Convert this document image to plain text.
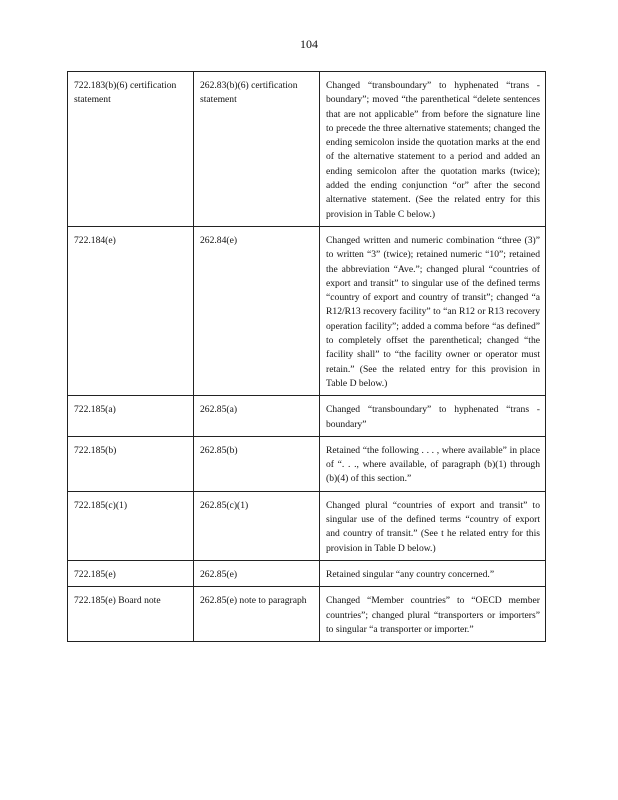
104
722.183(b)(6) certification statement	262.83(b)(6) certification statement	Changed “transboundary” to hyphenated “trans - boundary”; moved “the parenthetical “delete sentences that are not applicable” from before the signature line to precede the three alternative statements; changed the ending semicolon inside the quotation marks at the end of the alternative statement to a period and added an ending semicolon after the quotation marks (twice); added the ending conjunction “or” after the second alternative statement. (See the related entry for this provision in Table C below.)
722.184(e)	262.84(e)	Changed written and numeric combination “three (3)” to written “3” (twice); retained numeric “10”; retained the abbreviation “Ave.”; changed plural “countries of export and transit” to singular use of the defined terms “country of export and country of transit”; changed “a R12/R13 recovery facility” to “an R12 or R13 recovery operation facility”; added a comma before “as defined” to completely offset the parenthetical; changed “the facility shall” to “the facility owner or operator must retain.” (See the related entry for this provision in Table D below.)
722.185(a)	262.85(a)	Changed “transboundary” to hyphenated “trans - boundary”
722.185(b)	262.85(b)	Retained “the following . . . , where available” in place of “. . ., where available, of paragraph (b)(1) through (b)(4) of this section.”
722.185(c)(1)	262.85(c)(1)	Changed plural “countries of export and transit” to singular use of the defined terms “country of export and country of transit.” (See t he related entry for this provision in Table D below.)
722.185(e)	262.85(e)	Retained singular “any country concerned.”
722.185(e) Board note	262.85(e) note to paragraph	Changed “Member countries” to “OECD member countries”; changed plural “transporters or importers” to singular “a transporter or importer.”
